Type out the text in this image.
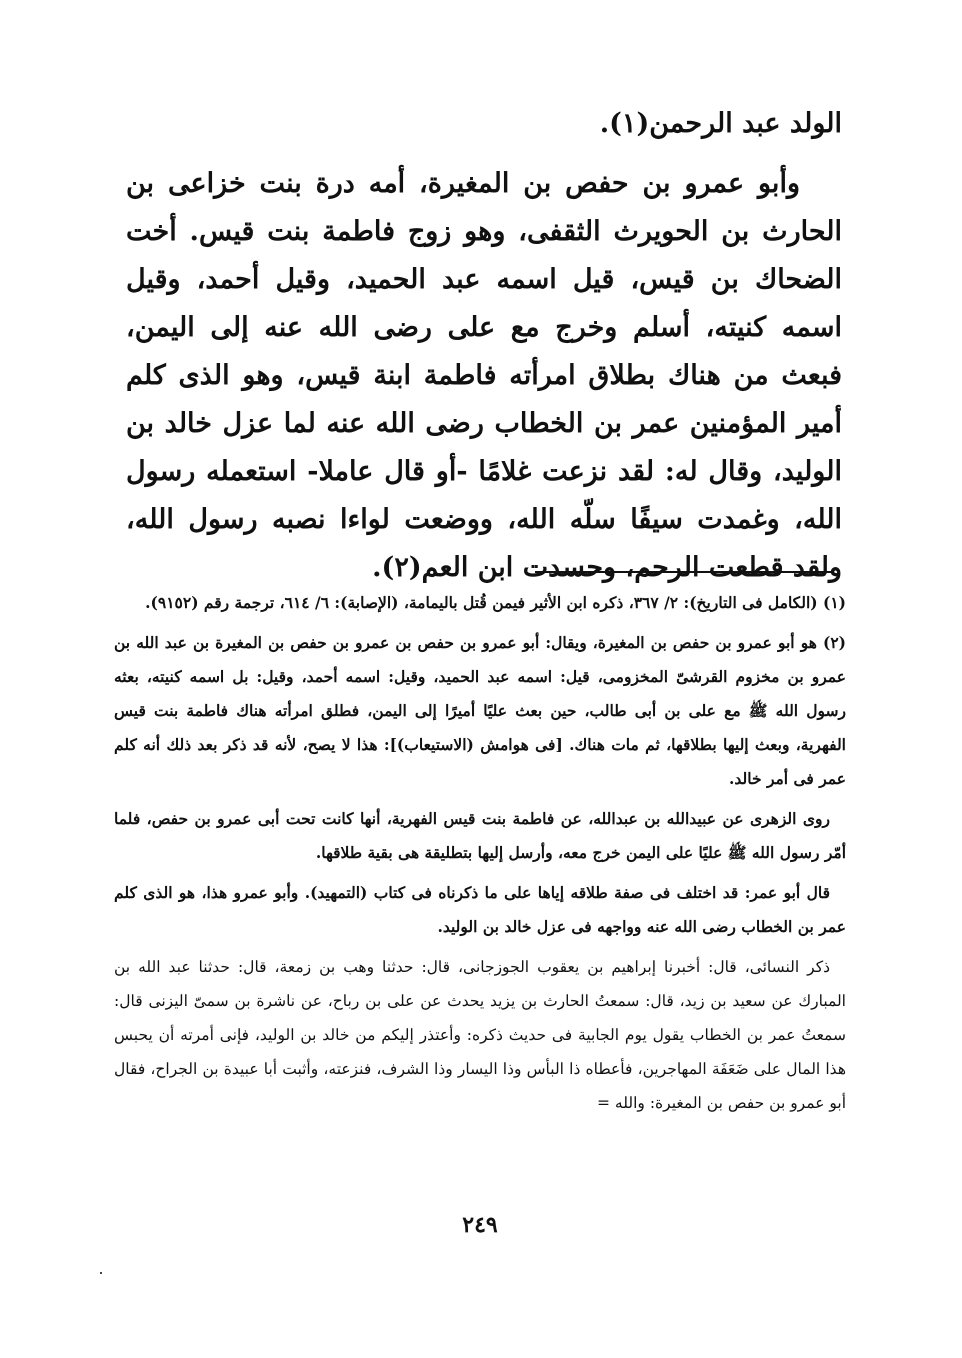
الولد عبد الرحمن(١).

وأبو عمرو بن حفص بن المغيرة، أمه درة بنت خزاعى بن الحارث بن الحويرث الثقفى، وهو زوج فاطمة بنت قيس. أخت الضحاك بن قيس، قيل اسمه عبد الحميد، وقيل أحمد، وقيل اسمه كنيته، أسلم وخرج مع على رضى الله عنه إلى اليمن، فبعث من هناك بطلاق امرأته فاطمة ابنة قيس، وهو الذى كلم أمير المؤمنين عمر بن الخطاب رضى الله عنه لما عزل خالد بن الوليد، وقال له: لقد نزعت غلامًا -أو قال عاملا- استعمله رسول الله، وغمدت سيفًا سلّه الله، ووضعت لواءا نصبه رسول الله، ولقد قطعت الرحم، وحسدت ابن العم(٢).

(١) (الكامل فى التاريخ): ٢/ ٣٦٧، ذكره ابن الأثير فيمن قُتل باليمامة، (الإصابة): ٦/ ٦١٤، ترجمة رقم (٩١٥٢).

(٢) هو أبو عمرو بن حفص بن المغيرة، ويقال: أبو عمرو بن حفص بن عمرو بن حفص بن المغيرة بن عبد الله بن عمرو بن مخزوم القرشىّ المخزومى، قيل: اسمه عبد الحميد، وقيل: اسمه أحمد، وقيل: بل اسمه كنيته، بعثه رسول الله ﷺ مع على بن أبى طالب، حين بعث عليًا أميرًا إلى اليمن، فطلق امرأته هناك فاطمة بنت قيس الفهرية، وبعث إليها بطلاقها، ثم مات هناك. [فى هوامش (الاستيعاب)]: هذا لا يصح، لأنه قد ذكر بعد ذلك أنه كلم عمر فى أمر خالد.

روى الزهرى عن عبيدالله بن عبدالله، عن فاطمة بنت قيس الفهرية، أنها كانت تحت أبى عمرو بن حفص، فلما أمّر رسول الله ﷺ عليًا على اليمن خرج معه، وأرسل إليها بتطليقة هى بقية طلاقها.

قال أبو عمر: قد اختلف فى صفة طلاقه إياها على ما ذكرناه فى كتاب (التمهيد). وأبو عمرو هذا، هو الذى كلم عمر بن الخطاب رضى الله عنه وواجهه فى عزل خالد بن الوليد.

ذكر النسائى، قال: أخبرنا إبراهيم بن يعقوب الجوزجانى، قال: حدثنا وهب بن زمعة، قال: حدثنا عبد الله بن المبارك عن سعيد بن زيد، قال: سمعتُ الحارث بن يزيد يحدث عن على بن رباح، عن ناشرة بن سمىّ اليزنى قال: سمعتُ عمر بن الخطاب يقول يوم الجابية فى حديث ذكره: وأعتذر إليكم من خالد بن الوليد، فإنى أمرته أن يحبس هذا المال على ضَعَفَة المهاجرين، فأعطاه ذا البأس وذا اليسار وذا الشرف، فنزعته، وأثبت أبا عبيدة بن الجراح، فقال أبو عمرو بن حفص بن المغيرة: والله =

٢٤٩
